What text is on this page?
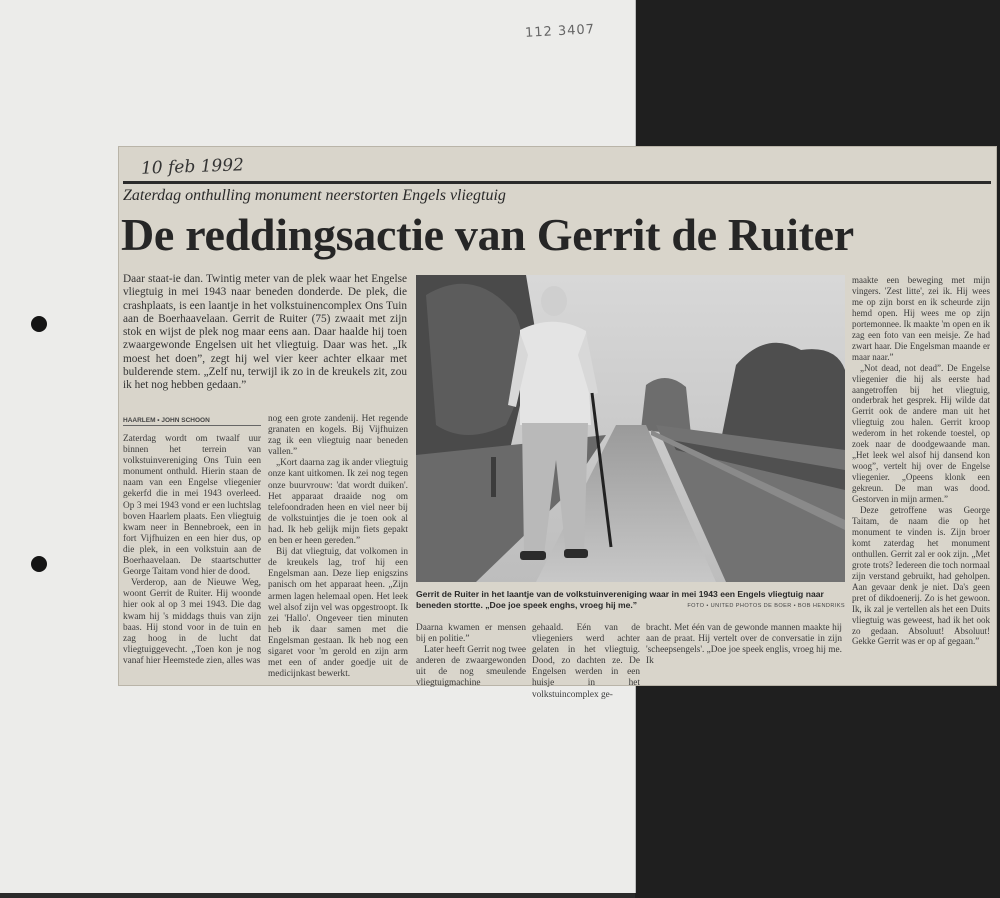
112 3407
10 feb 1992
Zaterdag onthulling monument neerstorten Engels vliegtuig
De reddingsactie van Gerrit de Ruiter
Daar staat-ie dan. Twintig meter van de plek waar het Engelse vliegtuig in mei 1943 naar beneden donderde. De plek, die crashplaats, is een laantje in het volkstuinencomplex Ons Tuin aan de Boerhaavelaan. Gerrit de Ruiter (75) zwaait met zijn stok en wijst de plek nog maar eens aan. Daar haalde hij toen zwaargewonde Engelsen uit het vliegtuig. Daar was het. „Ik moest het doen”, zegt hij wel vier keer achter elkaar met bulderende stem. „Zelf nu, terwijl ik zo in de kreukels zit, zou ik het nog hebben gedaan.”
HAARLEM • JOHN SCHOON

Zaterdag wordt om twaalf uur binnen het terrein van volkstuinvereniging Ons Tuin een monument onthuld. Hierin staan de naam van een Engelse vliegenier gekerfd die in mei 1943 overleed. Op 3 mei 1943 vond er een luchtslag boven Haarlem plaats. Een vliegtuig kwam neer in Bennebroek, een in fort Vijfhuizen en een hier dus, op die plek, in een volkstuin aan de Boerhaavelaan. De staartschutter George Taitam vond hier de dood.

Verderop, aan de Nieuwe Weg, woont Gerrit de Ruiter. Hij woonde hier ook al op 3 mei 1943. Die dag kwam hij 's middags thuis van zijn baas. Hij stond voor in de tuin en zag hoog in de lucht dat vliegtuiggevecht. „Toen kon je nog vanaf hier Heemstede zien, alles was

nog een grote zandenij. Het regende granaten en kogels. Bij Vijfhuizen zag ik een vliegtuig naar beneden vallen.”

„Kort daarna zag ik ander vliegtuig onze kant uitkomen. Ik zei nog tegen onze buurvrouw: 'dat wordt duiken'. Het apparaat draaide nog om telefoondraden heen en viel neer bij de volkstuintjes die je toen ook al had. Ik heb gelijk mijn fiets gepakt en ben er heen gereden.”

Bij dat vliegtuig, dat volkomen in de kreukels lag, trof hij een Engelsman aan. Deze liep enigszins panisch om het apparaat heen. „Zijn armen lagen helemaal open. Het leek wel alsof zijn vel was opgestroopt. Ik zei 'Hallo'. Ongeveer tien minuten heb ik daar samen met die Engelsman gestaan. Ik heb nog een sigaret voor 'm gerold en zijn arm met een of ander goedje uit de medicijnkast bewerkt.

Gerrit de Ruiter in het laantje van de volkstuinvereniging waar in mei 1943 een Engels vliegtuig naar beneden stortte. „Doe joe speek enghs, vroeg hij me.”	FOTO • UNITED PHOTOS DE BOER • BOB HENDRIKS

Daarna kwamen er mensen bij en politie.”

Later heeft Gerrit nog twee anderen de zwaargewonden uit de nog smeulende vliegtuigmachine

gehaald. Eén van de vliegeniers werd achter gelaten in het vliegtuig. Dood, zo dachten ze. De Engelsen werden in een huisje in het volkstuincomplex ge-

bracht. Met één van de gewonde mannen maakte hij aan de praat. Hij vertelt over de conversatie in zijn 'scheepsengels'. „Doe joe speek englis, vroeg hij me. Ik

maakte een beweging met mijn vingers. 'Zest litte', zei ik. Hij wees me op zijn borst en ik scheurde zijn hemd open. Hij wees me op zijn portemonnee. Ik maakte 'm open en ik zag een foto van een meisje. Ze had zwart haar. Die Engelsman maande er maar naar.”

„Not dead, not dead”. De Engelse vliegenier die hij als eerste had aangetroffen bij het vliegtuig, onderbrak het gesprek. Hij wilde dat Gerrit ook de andere man uit het vliegtuig zou halen. Gerrit kroop wederom in het rokende toestel, op zoek naar de doodgewaande man. „Het leek wel alsof hij dansend kon woog”, vertelt hij over de Engelse vliegenier. „Opeens klonk een gekreun. De man was dood. Gestorven in mijn armen.”

Deze getroffene was George Taitam, de naam die op het monument te vinden is. Zijn broer komt zaterdag het monument onthullen. Gerrit zal er ook zijn. „Met grote trots? Iedereen die toch normaal zijn verstand gebruikt, had geholpen. Aan gevaar denk je niet. Da's geen pret of dikdoenerij. Zo is het gewoon. Ik, ik zal je vertellen als het een Duits vliegtuig was geweest, had ik het ook zo gedaan. Absoluut! Absoluut! Gekke Gerrit was er op af gegaan.”
